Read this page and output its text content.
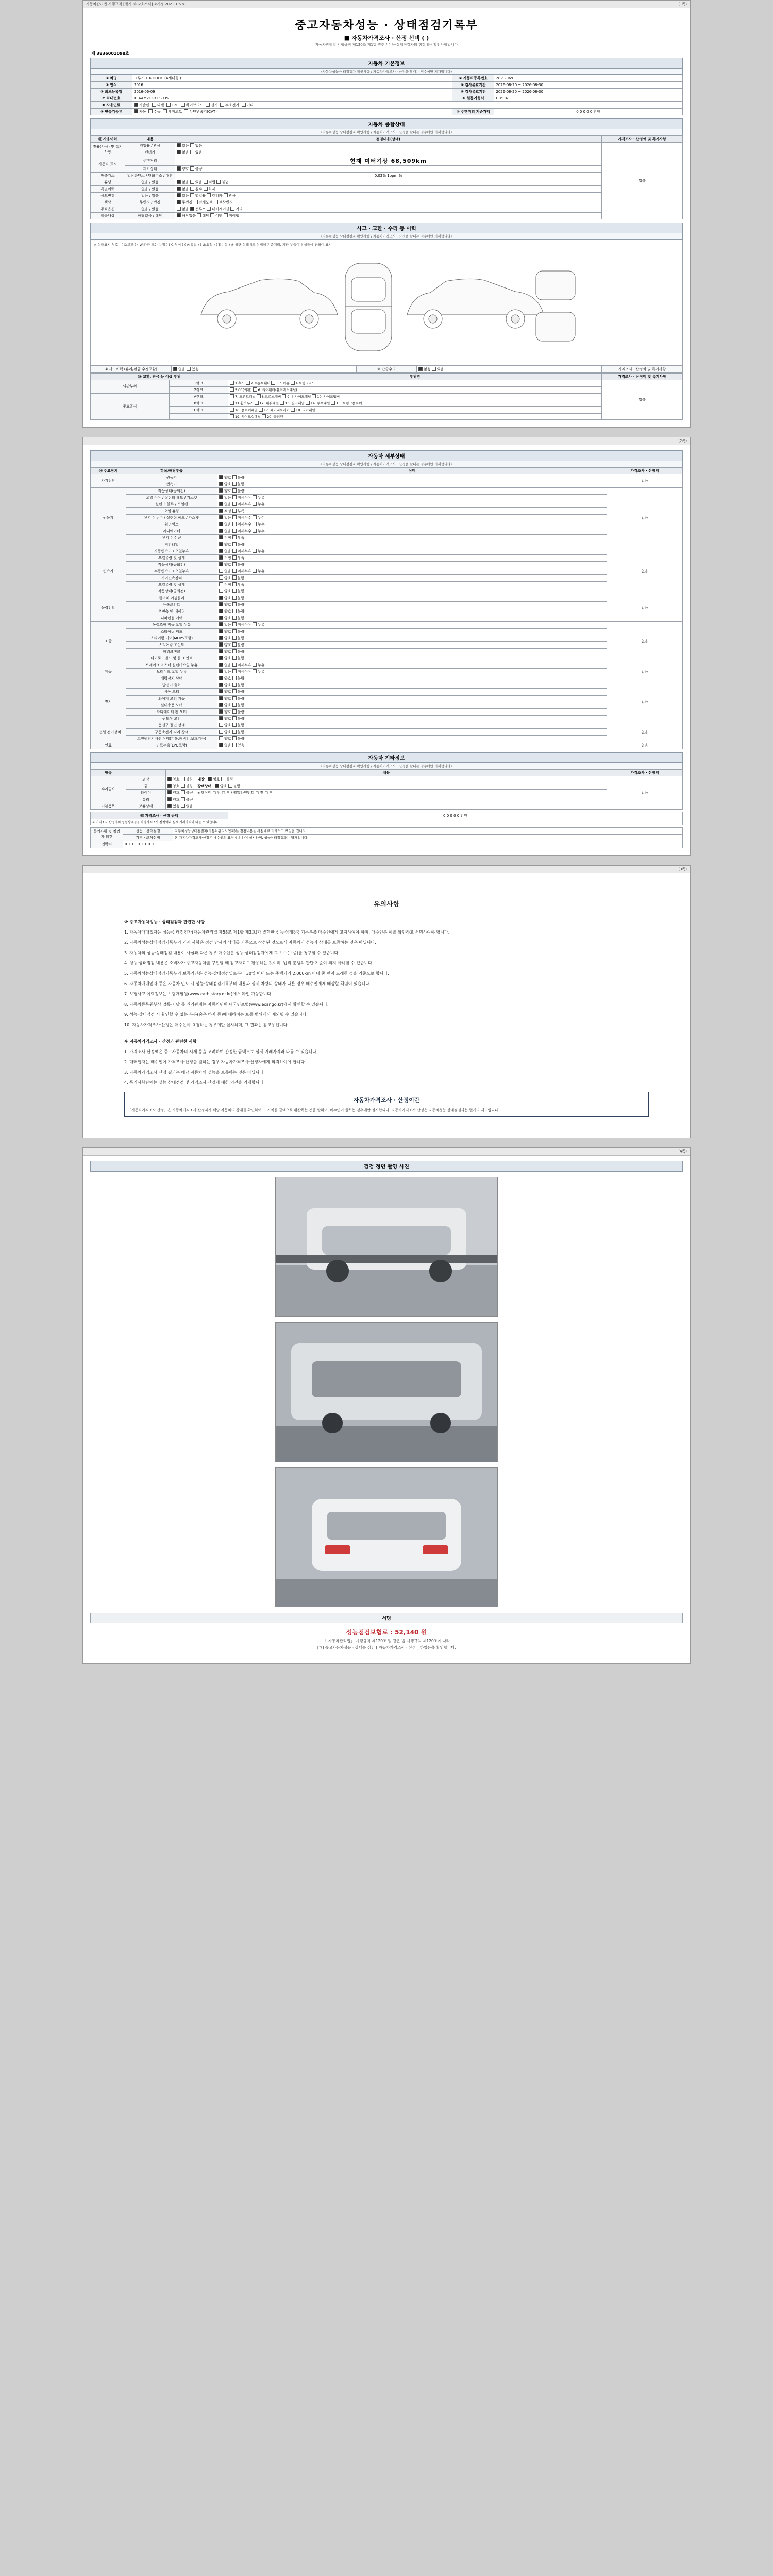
자동차관리법 시행규칙 [별지 제82호서식] <개정 2021.1.5.>	(1쪽)
중고자동차성능 · 상태점검기록부
■ 자동차가격조사 · 산정 선택 ( )
자동차관리법 시행규칙 제120조 제1항 관련 / 성능·상태점검자의 점검내용 확인사항입니다
제 3836001098호
자동차 기본정보
(자동차성능·상태점검자 확인사항 / 자동차가격조사 · 산정을 할때는 점수에만 기재합니다)
① 차명	크루즈 1.6 DOHC (4세대형 )	② 자동차등록번호	28머2069
③ 연식	2016	④ 검사유효기간	2026-08-20 ~ 2026-08-30
⑤ 최초등록일	2016-06-09	⑥ 검사유효기간	2026-08-20 ~ 2026-08-30
⑦ 차대번호	KLAAM2CGKGS0351	⑥ 원동기형식	F16D4
⑧ 사용연료	가솔린 디젤 LPG 하이브리드 전기 수소전기 기타		
⑨ 변속기종류	자동 수동 세미오토 무단변속기(CVT)	⑩ 주행거리 기준가액	0 0 0 0 0 만원
자동차 종합상태
(자동차성능·상태점검자 확인사항 / 자동차가격조사 · 산정을 할때는 점수에만 기재합니다)
⑪ 사용이력	내용	점검내용(상태)	가격조사 · 산정액 및 특기사항
전용(사용) 및 특기사항	영업용 / 관용	없음 있음	없음
	렌터카	없음 있음	
자동차 표시	주행거리	현재 미터기상 68,509km	
	계기상태	양호 불량	
배출가스	일산화탄소 / 탄화수소 / 매연	0.02% 1ppm %	
튜닝	없음 / 있음	없음 있음 적법 불법	
특별이력	없음 / 있음	없음 침수 화재	
용도변경	없음 / 있음	없음 영업용 렌터카 관용	
색상	무변경 / 변경	무변경 전체도색 색상변경	
주요옵션	없음 / 있음	없음 썬루프 내비게이션 기타	
리콜대상	해당없음 / 해당	해당없음 해당 이행 미이행	
사고 · 교환 · 수리 등 이력
(자동차성능·상태점검자 확인사항 / 자동차가격조사 · 산정을 할때는 점수에만 기재합니다)
※ 상태표시 부호 : ( X:교환 ) ( W:판금 또는 용접 ) ( C:부식 ) ( A:흠집 ) ( U:요철 ) ( T:손상 ) ※ 하단 상태에도 상세히 기준거리, 기타 부품이나 상태에 관하여 표시
① 사고이력 (유리/판금 수정포함)	없음 있음	② 단순수리	없음 있음	가격조사 · 산정액 및 특기사항
⑬ 교환, 판금 등 이상 부위		부위명	가격조사 · 산정액 및 특기사항
외판부위	1랭크	1.후드 2.프론트휀더 3.도어류 4.트렁크리드	없음
	2랭크	5.0C(외판) 6. 리어휀더(휀더쿼터패널)	
주요골격	A랭크	7. 프론트패널 8.크로스멤버 9. 인사이드패널 10. 사이드멤버	
	B랭크	11.휠하우스 12. 대쉬패널 13. 필러패널 14. 루프패널 15. 트렁크플로어	
	C랭크	16. 플로어패널 17. 패키지트레이 18. 리어패널	
		19. 사이드실패널 20. 쿨러팬	
(2쪽)
자동차 세부상태
(자동차성능·상태점검자 확인사항 / 자동차가격조사 · 산정을 할때는 점수에만 기재합니다)
⑭ 주요장치	항목/해당부품	상태	가격조사 · 산정액
자기진단	원동기	양호 불량	없음
	변속기	양호 불량	
원동기	작동상태(공회전)	양호 불량	없음
	오일 누유 / 실린더 헤드 / 가스켓	없음 미세누유 누유	
	실린더 블록 / 오일팬	없음 미세누유 누유	
	오일 유량	적정 부족	
	냉각수 누수 / 실린더 헤드 / 가스켓	없음 미세누수 누수	
	워터펌프	없음 미세누수 누수	
	라디에이터	없음 미세누수 누수	
	냉각수 수량	적정 부족	
	커먼레일	양호 불량	
변속기	자동변속기 / 오일누유	없음 미세누유 누유	없음
	오일유량 및 상태	적정 부족	
	작동상태(공회전)	양호 불량	
	수동변속기 / 오일누유	없음 미세누유 누유	
	기어변속장치	양호 불량	
	오일유량 및 상태	적정 부족	
	작동상태(공회전)	양호 불량	
동력전달	클러치 어셈블리	양호 불량	없음
	등속조인트	양호 불량	
	추진축 및 베어링	양호 불량	
	디퍼렌셜 기어	양호 불량	
조향	동력조향 작동 오일 누유	없음 미세누유 누유	없음
	스티어링 펌프	양호 불량	
	스티어링 기어(MDPS포함)	양호 불량	
	스티어링 조인트	양호 불량	
	파워크랭크	양호 불량	
	타이로드엔드 및 볼 조인트	양호 불량	
제동	브레이크 마스터 실린더오일 누유	없음 미세누유 누유	없음
	브레이크 오일 누유	없음 미세누유 누유	
	배력장치 상태	양호 불량	
전기	발전기 출력	양호 불량	없음
	시동 모터	양호 불량	
	와이퍼 모터 기능	양호 불량	
	실내송풍 모터	양호 불량	
	라디에이터 팬 모터	양호 불량	
	윈도우 모터	양호 불량	
고전원 전기장치	충전구 절연 상태	양호 불량	없음
	구동축전지 격리 상태	양호 불량	
	고전원전기배선 상태(피복,커넥터,보호기구)	양호 불량	
연료	연료누출(LPG포함)	없음 있음	없음
자동차 기타정보
(자동차성능·상태점검자 확인사항 / 자동차가격조사 · 산정을 할때는 점수에만 기재합니다)
항목		내용	가격조사 · 산정액
수리필요	외장	양호 불량    내장 양호 불량	없음
	휠	양호 불량    광택상태 양호 불량	
	타이어	양호 불량    광택상태 □ 전 □ 후 / 휠얼라인먼트 □ 전 □ 후	
	유리	양호 불량	
기본품목	보유상태	있음 없음	
⑮ 가격조사 · 산정 금액	0 0 0 0 0 만원
※ 가격조사·산정자의 성능상태점검 차량가격조사·산정액과 실제 거래가격이 다를 수 있습니다.
특기사항 및 점검자 의견	성능 · 상태점검	자동차성능상태점검자(자동차관리사업자)는 점검내용을 사실대로 기재하고 책임을 집니다.
	가격 · 조사산정	본 자동차가격조사·산정은 매수인의 요청에 의하여 실시하며, 성능상태점검과는 별개입니다.
연락처	0 1 1 - 0 1 1 0 0	
(3쪽)
유의사항

※ 중고자동차성능 · 상태점검과 관련한 사항

1. 자동차매매업자는 성능·상태점검자(자동차관리법 제58조 제1항 제3호)가 발행한 성능·상태점검기록부를 매수인에게 고지하여야 하며, 매수인은 이를 확인하고 서명하여야 합니다.

2. 자동차성능상태점검기록부의 기재 사항은 점검 당시의 상태를 기준으로 작성된 것으로서 자동차의 성능과 상태를 보증하는 것은 아닙니다.

3. 자동차의 성능·상태점검 내용이 사실과 다른 경우 매수인은 성능·상태점검자에게 그 보수(보증)를 청구할 수 있습니다.

4. 성능·상태점검 내용은 소비자가 중고자동차를 구입할 때 참고자료로 활용하는 것이며, 법적 분쟁의 판단 기준이 되지 아니할 수 있습니다.

5. 자동차성능상태점검기록부의 보증기간은 성능·상태점검일로부터 30일 이내 또는 주행거리 2,000km 이내 중 먼저 도래한 것을 기준으로 합니다.

6. 자동차매매업자 등은 자동차 인도 시 성능·상태점검기록부의 내용과 실제 차량의 상태가 다른 경우 매수인에게 배상할 책임이 있습니다.

7. 보험사고 이력정보는 보험개발원(www.carhistory.or.kr)에서 확인 가능합니다.

8. 자동차등록원부상 압류·저당 등 권리관계는 자동차민원 대국민포털(www.ecar.go.kr)에서 확인할 수 있습니다.

9. 성능·상태점검 시 확인할 수 없는 부분(숨은 하자 등)에 대하여는 보증 범위에서 제외될 수 있습니다.

10. 자동차가격조사·산정은 매수인이 요청하는 경우에만 실시하며, 그 결과는 참고용입니다.

※ 자동차가격조사 · 산정과 관련한 사항

1. 가격조사·산정액은 중고자동차의 시세 등을 고려하여 산정한 금액으로 실제 거래가격과 다를 수 있습니다.

2. 매매업자는 매수인이 가격조사·산정을 원하는 경우 자동차가격조사·산정자에게 의뢰하여야 합니다.

3. 자동차가격조사·산정 결과는 해당 자동차의 성능을 보증하는 것은 아닙니다.

4. 특기사항란에는 성능·상태점검 및 가격조사·산정에 대한 의견을 기재합니다.

자동차가격조사 · 산정이란
「자동차가격조사·산정」은 자동차가격조사·산정자가 해당 자동차의 상태를 확인하여 그 가치를 금액으로 환산하는 것을 말하며, 매수인이 원하는 경우에만 실시합니다. 자동차가격조사·산정은 자동차성능·상태점검과는 별개의 제도입니다.
(4쪽)
검검 정면 촬영 사진
서명
성능점검보험료 : 52,140 원
「 자동차관리법」 시행규칙 제120조 및 같은 법 시행규칙 제120조에 따라
[ㄱ] 중고자동차성능 · 상태를 점검 [ 자동차가격조사 · 산정 ] 하였음을 확인합니다.
